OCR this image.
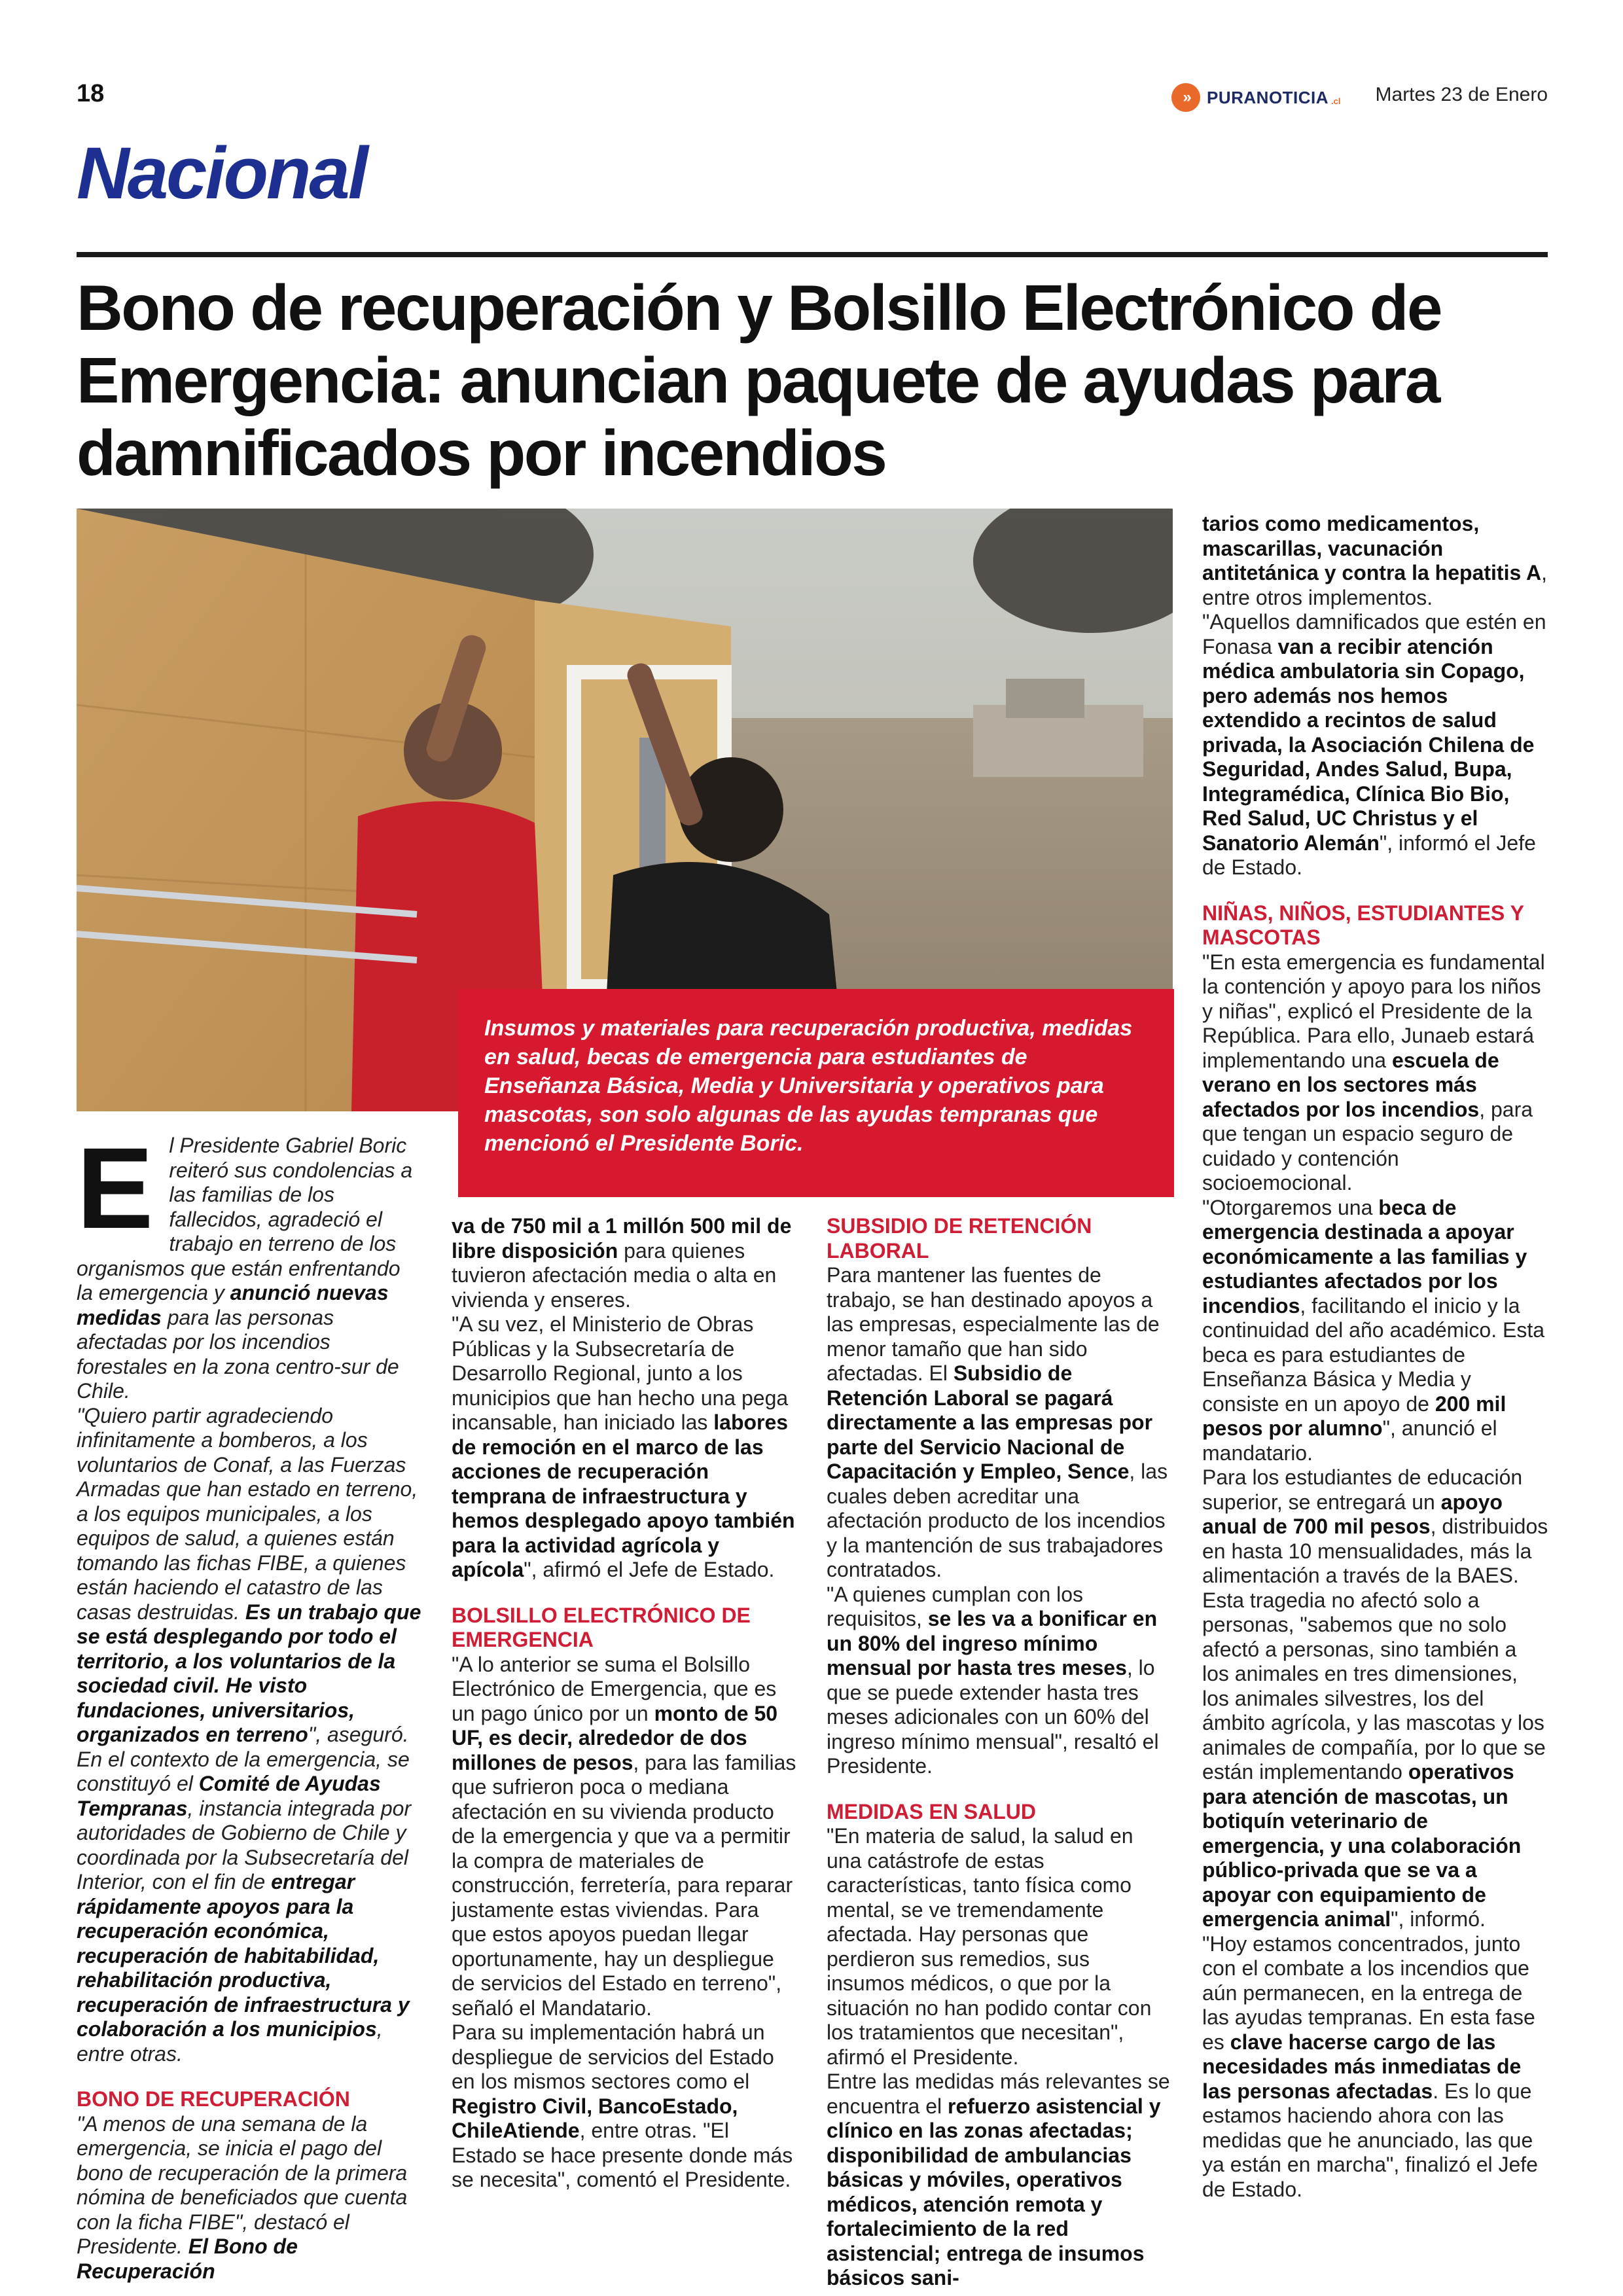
18	»	PURANOTICIA .cl Martes 23 de Enero
Nacional
Bono de recuperación y Bolsillo Electrónico de Emergencia: anuncian paquete de ayudas para damnificados por incendios

Insumos y materiales para recuperación productiva, medidas en salud, becas de emergencia para estudiantes de Enseñanza Básica, Media y Universitaria y operativos para mascotas, son solo algunas de las ayudas tempranas que mencionó el Presidente Boric.

El Presidente Gabriel Boric reiteró sus condolencias a las familias de los fallecidos, agradeció el trabajo en terreno de los organismos que están enfrentando la emergencia y anunció nuevas medidas para las personas afectadas por los incendios forestales en la zona centro-sur de Chile.

"Quiero partir agradeciendo infinitamente a bomberos, a los voluntarios de Conaf, a las Fuerzas Armadas que han estado en terreno, a los equipos municipales, a los equipos de salud, a quienes están tomando las fichas FIBE, a quienes están haciendo el catastro de las casas destruidas. Es un trabajo que se está desplegando por todo el territorio, a los voluntarios de la sociedad civil. He visto fundaciones, universitarios, organizados en terreno", aseguró.

En el contexto de la emergencia, se constituyó el Comité de Ayudas Tempranas, instancia integrada por autoridades de Gobierno de Chile y coordinada por la Subsecretaría del Interior, con el fin de entregar rápidamente apoyos para la recuperación económica, recuperación de habitabilidad, rehabilitación productiva, recuperación de infraestructura y colaboración a los municipios, entre otras.

BONO DE RECUPERACIÓN

"A menos de una semana de la emergencia, se inicia el pago del bono de recuperación de la primera nómina de beneficiados que cuenta con la ficha FIBE", destacó el Presidente. El Bono de Recuperación

va de 750 mil a 1 millón 500 mil de libre disposición para quienes tuvieron afectación media o alta en vivienda y enseres.

"A su vez, el Ministerio de Obras Públicas y la Subsecretaría de Desarrollo Regional, junto a los municipios que han hecho una pega incansable, han iniciado las labores de remoción en el marco de las acciones de recuperación temprana de infraestructura y hemos desplegado apoyo también para la actividad agrícola y apícola", afirmó el Jefe de Estado.

BOLSILLO ELECTRÓNICO DE EMERGENCIA

"A lo anterior se suma el Bolsillo Electrónico de Emergencia, que es un pago único por un monto de 50 UF, es decir, alrededor de dos millones de pesos, para las familias que sufrieron poca o mediana afectación en su vivienda producto de la emergencia y que va a permitir la compra de materiales de construcción, ferretería, para reparar justamente estas viviendas. Para que estos apoyos puedan llegar oportunamente, hay un despliegue de servicios del Estado en terreno", señaló el Mandatario.

Para su implementación habrá un despliegue de servicios del Estado en los mismos sectores como el Registro Civil, BancoEstado, ChileAtiende, entre otras. "El Estado se hace presente donde más se necesita", comentó el Presidente.

SUBSIDIO DE RETENCIÓN LABORAL

Para mantener las fuentes de trabajo, se han destinado apoyos a las empresas, especialmente las de menor tamaño que han sido afectadas. El Subsidio de Retención Laboral se pagará directamente a las empresas por parte del Servicio Nacional de Capacitación y Empleo, Sence, las cuales deben acreditar una afectación producto de los incendios y la mantención de sus trabajadores contratados.

"A quienes cumplan con los requisitos, se les va a bonificar en un 80% del ingreso mínimo mensual por hasta tres meses, lo que se puede extender hasta tres meses adicionales con un 60% del ingreso mínimo mensual", resaltó el Presidente.

MEDIDAS EN SALUD

"En materia de salud, la salud en una catástrofe de estas características, tanto física como mental, se ve tremendamente afectada. Hay personas que perdieron sus remedios, sus insumos médicos, o que por la situación no han podido contar con los tratamientos que necesitan", afirmó el Presidente.

Entre las medidas más relevantes se encuentra el refuerzo asistencial y clínico en las zonas afectadas; disponibilidad de ambulancias básicas y móviles, operativos médicos, atención remota y fortalecimiento de la red asistencial; entrega de insumos básicos sani-

tarios como medicamentos, mascarillas, vacunación antitetánica y contra la hepatitis A, entre otros implementos.

"Aquellos damnificados que estén en Fonasa van a recibir atención médica ambulatoria sin Copago, pero además nos hemos extendido a recintos de salud privada, la Asociación Chilena de Seguridad, Andes Salud, Bupa, Integramédica, Clínica Bio Bio, Red Salud, UC Christus y el Sanatorio Alemán", informó el Jefe de Estado.

NIÑAS, NIÑOS, ESTUDIANTES Y MASCOTAS

"En esta emergencia es fundamental la contención y apoyo para los niños y niñas", explicó el Presidente de la República. Para ello, Junaeb estará implementando una escuela de verano en los sectores más afectados por los incendios, para que tengan un espacio seguro de cuidado y contención socioemocional.

"Otorgaremos una beca de emergencia destinada a apoyar económicamente a las familias y estudiantes afectados por los incendios, facilitando el inicio y la continuidad del año académico. Esta beca es para estudiantes de Enseñanza Básica y Media y consiste en un apoyo de 200 mil pesos por alumno", anunció el mandatario.

Para los estudiantes de educación superior, se entregará un apoyo anual de 700 mil pesos, distribuidos en hasta 10 mensualidades, más la alimentación a través de la BAES.

Esta tragedia no afectó solo a personas, "sabemos que no solo afectó a personas, sino también a los animales en tres dimensiones, los animales silvestres, los del ámbito agrícola, y las mascotas y los animales de compañía, por lo que se están implementando operativos para atención de mascotas, un botiquín veterinario de emergencia, y una colaboración público-privada que se va a apoyar con equipamiento de emergencia animal", informó.

"Hoy estamos concentrados, junto con el combate a los incendios que aún permanecen, en la entrega de las ayudas tempranas. En esta fase es clave hacerse cargo de las necesidades más inmediatas de las personas afectadas. Es lo que estamos haciendo ahora con las medidas que he anunciado, las que ya están en marcha", finalizó el Jefe de Estado.
